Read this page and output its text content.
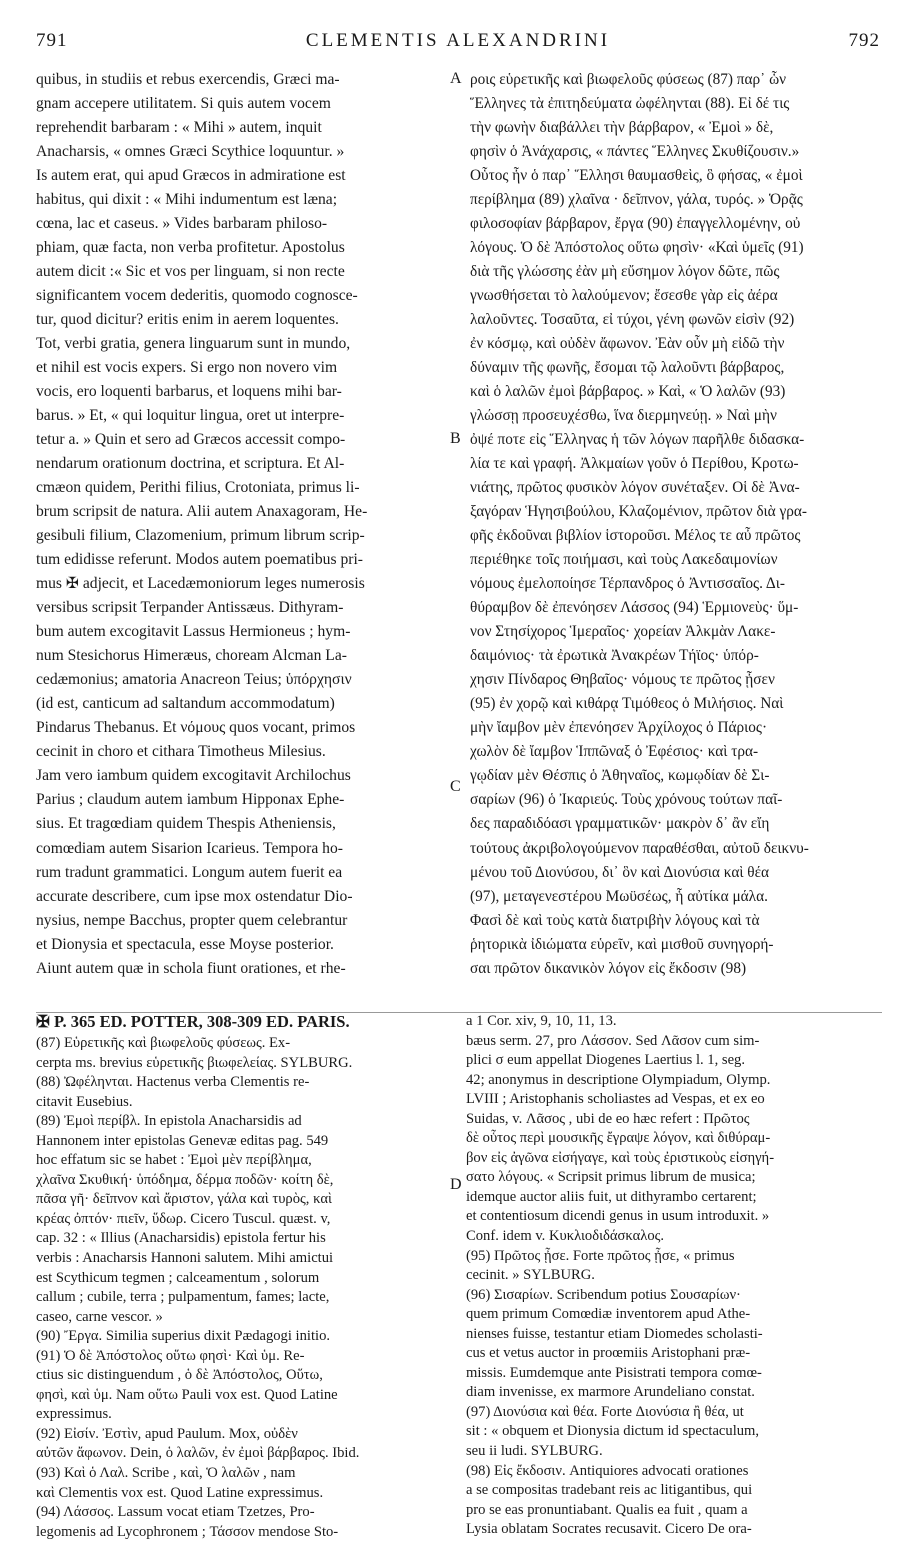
791	CLEMENTIS ALEXANDRINI	792
quibus, in studiis et rebus exercendis, Græci ma-
gnam accepere utilitatem. Si quis autem vocem
reprehendit barbaram : « Mihi » autem, inquit
Anacharsis, « omnes Græci Scythice loquuntur. »
Is autem erat, qui apud Græcos in admiratione est
habitus, qui dixit : « Mihi indumentum est læna;
cœna, lac et caseus. » Vides barbaram philoso-
phiam, quæ facta, non verba profitetur. Apostolus
autem dicit :« Sic et vos per linguam, si non recte
significantem vocem dederitis, quomodo cognosce-
tur, quod dicitur? eritis enim in aerem loquentes.
Tot, verbi gratia, genera linguarum sunt in mundo,
et nihil est vocis expers. Si ergo non novero vim
vocis, ero loquenti barbarus, et loquens mihi bar-
barus. » Et, « qui loquitur lingua, oret ut interpre-
tetur a. » Quin et sero ad Græcos accessit compo-
nendarum orationum doctrina, et scriptura. Et Al-
cmæon quidem, Perithi filius, Crotoniata, primus li-
brum scripsit de natura. Alii autem Anaxagoram, He-
gesibuli filium, Clazomenium, primum librum scrip-
tum edidisse referunt. Modos autem poematibus pri-
mus ✠ adjecit, et Lacedæmoniorum leges numerosis
versibus scripsit Terpander Antissæus. Dithyram-
bum autem excogitavit Lassus Hermioneus ; hym-
num Stesichorus Himeræus, choream Alcman La-
cedæmonius; amatoria Anacreon Teius; ὑπόρχησιν
(id est, canticum ad saltandum accommodatum)
Pindarus Thebanus. Et νόμους quos vocant, primos
cecinit in choro et cithara Timotheus Milesius.
Jam vero iambum quidem excogitavit Archilochus
Parius ; claudum autem iambum Hipponax Ephe-
sius. Et tragœdiam quidem Thespis Atheniensis,
comœdiam autem Sisarion Icarieus. Tempora ho-
rum tradunt grammatici. Longum autem fuerit ea
accurate describere, cum ipse mox ostendatur Dio-
nysius, nempe Bacchus, propter quem celebrantur
et Dionysia et spectacula, esse Moyse posterior.
Aiunt autem quæ in schola fiunt orationes, et rhe-
ροις εὑρετικῆς καὶ βιωφελοῦς φύσεως (87) παρ᾽ ὧν
Ἕλληνες τὰ ἐπιτηδεύματα ὠφέληνται (88). Εἰ δέ τις
τὴν φωνὴν διαβάλλει τὴν βάρβαρον, « Ἐμοὶ » δὲ,
φησὶν ὁ Ἀνάχαρσις, « πάντες Ἕλληνες Σκυθίζουσιν.»
Οὗτος ἦν ὁ παρ᾽ Ἕλλησι θαυμασθεὶς, ὃ φήσας, « ἐμοὶ
περίβλημα (89) χλαῖνα · δεῖπνον, γάλα, τυρός. » Ὁρᾷς
φιλοσοφίαν βάρβαρον, ἔργα (90) ἐπαγγελλομένην, οὐ
λόγους. Ὁ δὲ Ἀπόστολος οὕτω φησὶν· «Καὶ ὑμεῖς (91)
διὰ τῆς γλώσσης ἐὰν μὴ εὔσημον λόγον δῶτε, πῶς
γνωσθήσεται τὸ λαλούμενον; ἔσεσθε γὰρ εἰς ἀέρα
λαλοῦντες. Τοσαῦτα, εἰ τύχοι, γένη φωνῶν εἰσὶν (92)
ἐν κόσμῳ, καὶ οὐδὲν ἄφωνον. Ἐὰν οὖν μὴ εἰδῶ τὴν
δύναμιν τῆς φωνῆς, ἔσομαι τῷ λαλοῦντι βάρβαρος,
καὶ ὁ λαλῶν ἐμοὶ βάρβαρος. » Καὶ, « Ὁ λαλῶν (93)
γλώσσῃ προσευχέσθω, ἵνα διερμηνεύῃ. » Ναὶ μὴν
ὀψέ ποτε εἰς Ἕλληνας ἡ τῶν λόγων παρῆλθε διδασκα-
λία τε καὶ γραφή. Ἀλκμαίων γοῦν ὁ Περίθου, Κροτω-
νιάτης, πρῶτος φυσικὸν λόγον συνέταξεν. Οἱ δὲ Ἀνα-
ξαγόραν Ἡγησιβούλου, Κλαζομένιον, πρῶτον διὰ γρα-
φῆς ἐκδοῦναι βιβλίον ἱστοροῦσι. Μέλος τε αὖ πρῶτος
περιέθηκε τοῖς ποιήμασι, καὶ τοὺς Λακεδαιμονίων
νόμους ἐμελοποίησε Τέρπανδρος ὁ Ἀντισσαῖος. Δι-
θύραμβον δὲ ἐπενόησεν Λάσσος (94) Ἑρμιονεὺς· ὕμ-
νον Στησίχορος Ἱμεραῖος· χορείαν Ἀλκμὰν Λακε-
δαιμόνιος· τὰ ἐρωτικὰ Ἀνακρέων Τήϊος· ὑπόρ-
χησιν Πίνδαρος Θηβαῖος· νόμους τε πρῶτος ᾖσεν
(95) ἐν χορῷ καὶ κιθάρᾳ Τιμόθεος ὁ Μιλήσιος. Ναὶ
μὴν ἴαμβον μὲν ἐπενόησεν Ἀρχίλοχος ὁ Πάριος·
χωλὸν δὲ ἴαμβον Ἱππῶναξ ὁ Ἐφέσιος· καὶ τρα-
γῳδίαν μὲν Θέσπις ὁ Ἀθηναῖος, κωμῳδίαν δὲ Σι-
σαρίων (96) ὁ Ἰκαριεύς. Τοὺς χρόνους τούτων παῖ-
δες παραδιδόασι γραμματικῶν· μακρὸν δ᾽ ἂν εἴη
τούτους ἀκριβολογούμενον παραθέσθαι, αὐτοῦ δεικνυ-
μένου τοῦ Διονύσου, δι᾽ ὃν καὶ Διονύσια καὶ θέα
(97), μεταγενεστέρου Μωϋσέως, ἧ αὐτίκα μάλα.
Φασὶ δὲ καὶ τοὺς κατὰ διατριβὴν λόγους καὶ τὰ
ῥητορικὰ ἰδιώματα εὑρεῖν, καὶ μισθοῦ συνηγορή-
σαι πρῶτον δικανικὸν λόγον εἰς ἔκδοσιν (98)
A
B
C
D
✠ P. 365 ED. POTTER, 308-309 ED. PARIS.
(87) Εὑρετικῆς καὶ βιωφελοῦς φύσεως. Ex-
cerpta ms. brevius εὑρετικῆς βιωφελείας. SYLBURG.
(88) Ὠφέληνται. Hactenus verba Clementis re-
citavit Eusebius.
(89) Ἐμοὶ περίβλ. In epistola Anacharsidis ad
Hannonem inter epistolas Genevæ editas pag. 549
hoc effatum sic se habet : Ἐμοὶ μὲν περίβλημα,
χλαῖνα Σκυθική· ὑπόδημα, δέρμα ποδῶν· κοίτη δὲ,
πᾶσα γῆ· δεῖπνον καὶ ἄριστον, γάλα καὶ τυρὸς, καὶ
κρέας ὀπτόν· πιεῖν, ὕδωρ. Cicero Tuscul. quæst. v,
cap. 32 : « Illius (Anacharsidis) epistola fertur his
verbis : Anacharsis Hannoni salutem. Mihi amictui
est Scythicum tegmen ; calceamentum , solorum
callum ; cubile, terra ; pulpamentum, fames; lacte,
caseo, carne vescor. »
(90) Ἔργα. Similia superius dixit Pædagogi initio.
(91) Ὁ δὲ Ἀπόστολος οὕτω φησὶ· Καὶ ὑμ. Re-
ctius sic distinguendum , ὁ δὲ Ἀπόστολος, Οὕτω,
φησὶ, καὶ ὑμ. Nam οὕτω Pauli vox est. Quod Latine
expressimus.
(92) Εἰσίν. Ἐστὶν, apud Paulum. Mox, οὐδὲν
αὐτῶν ἄφωνον. Dein, ὁ λαλῶν, ἐν ἐμοὶ βάρβαρος. Ibid.
(93) Καὶ ὁ Λαλ. Scribe , καὶ, Ὁ λαλῶν , nam
καὶ Clementis vox est. Quod Latine expressimus.
(94) Λάσσος. Lassum vocat etiam Tzetzes, Pro-
legomenis ad Lycophronem ; Τάσσον mendose Sto-
a 1 Cor. xiv, 9, 10, 11, 13.
bæus serm. 27, pro Λάσσον. Sed Λᾶσον cum sim-
plici σ eum appellat Diogenes Laertius l. 1, seg.
42; anonymus in descriptione Olympiadum, Olymp.
LVIII ; Aristophanis scholiastes ad Vespas, et ex eo
Suidas, v. Λᾶσος , ubi de eo hæc refert : Πρῶτος
δὲ οὗτος περὶ μουσικῆς ἔγραψε λόγον, καὶ διθύραμ-
βον εἰς ἀγῶνα εἰσήγαγε, καὶ τοὺς ἐριστικοὺς εἰσηγή-
σατο λόγους. « Scripsit primus librum de musica;
idemque auctor aliis fuit, ut dithyrambo certarent;
et contentiosum dicendi genus in usum introduxit. »
Conf. idem v. Κυκλιοδιδάσκαλος.
(95) Πρῶτος ᾖσε. Forte πρῶτος ᾖσε, « primus
cecinit. » SYLBURG.
(96) Σισαρίων. Scribendum potius Σουσαρίων·
quem primum Comœdiæ inventorem apud Athe-
nienses fuisse, testantur etiam Diomedes scholasti-
cus et vetus auctor in proœmiis Aristophani præ-
missis. Eumdemque ante Pisistrati tempora comœ-
diam invenisse, ex marmore Arundeliano constat.
(97) Διονύσια καὶ θέα. Forte Διονύσια ἢ θέα, ut
sit : « obquem et Dionysia dictum id spectaculum,
seu ii ludi. SYLBURG.
(98) Εἰς ἔκδοσιν. Antiquiores advocati orationes
a se compositas tradebant reis ac litigantibus, qui
pro se eas pronuntiabant. Qualis ea fuit , quam a
Lysia oblatam Socrates recusavit. Cicero De ora-
